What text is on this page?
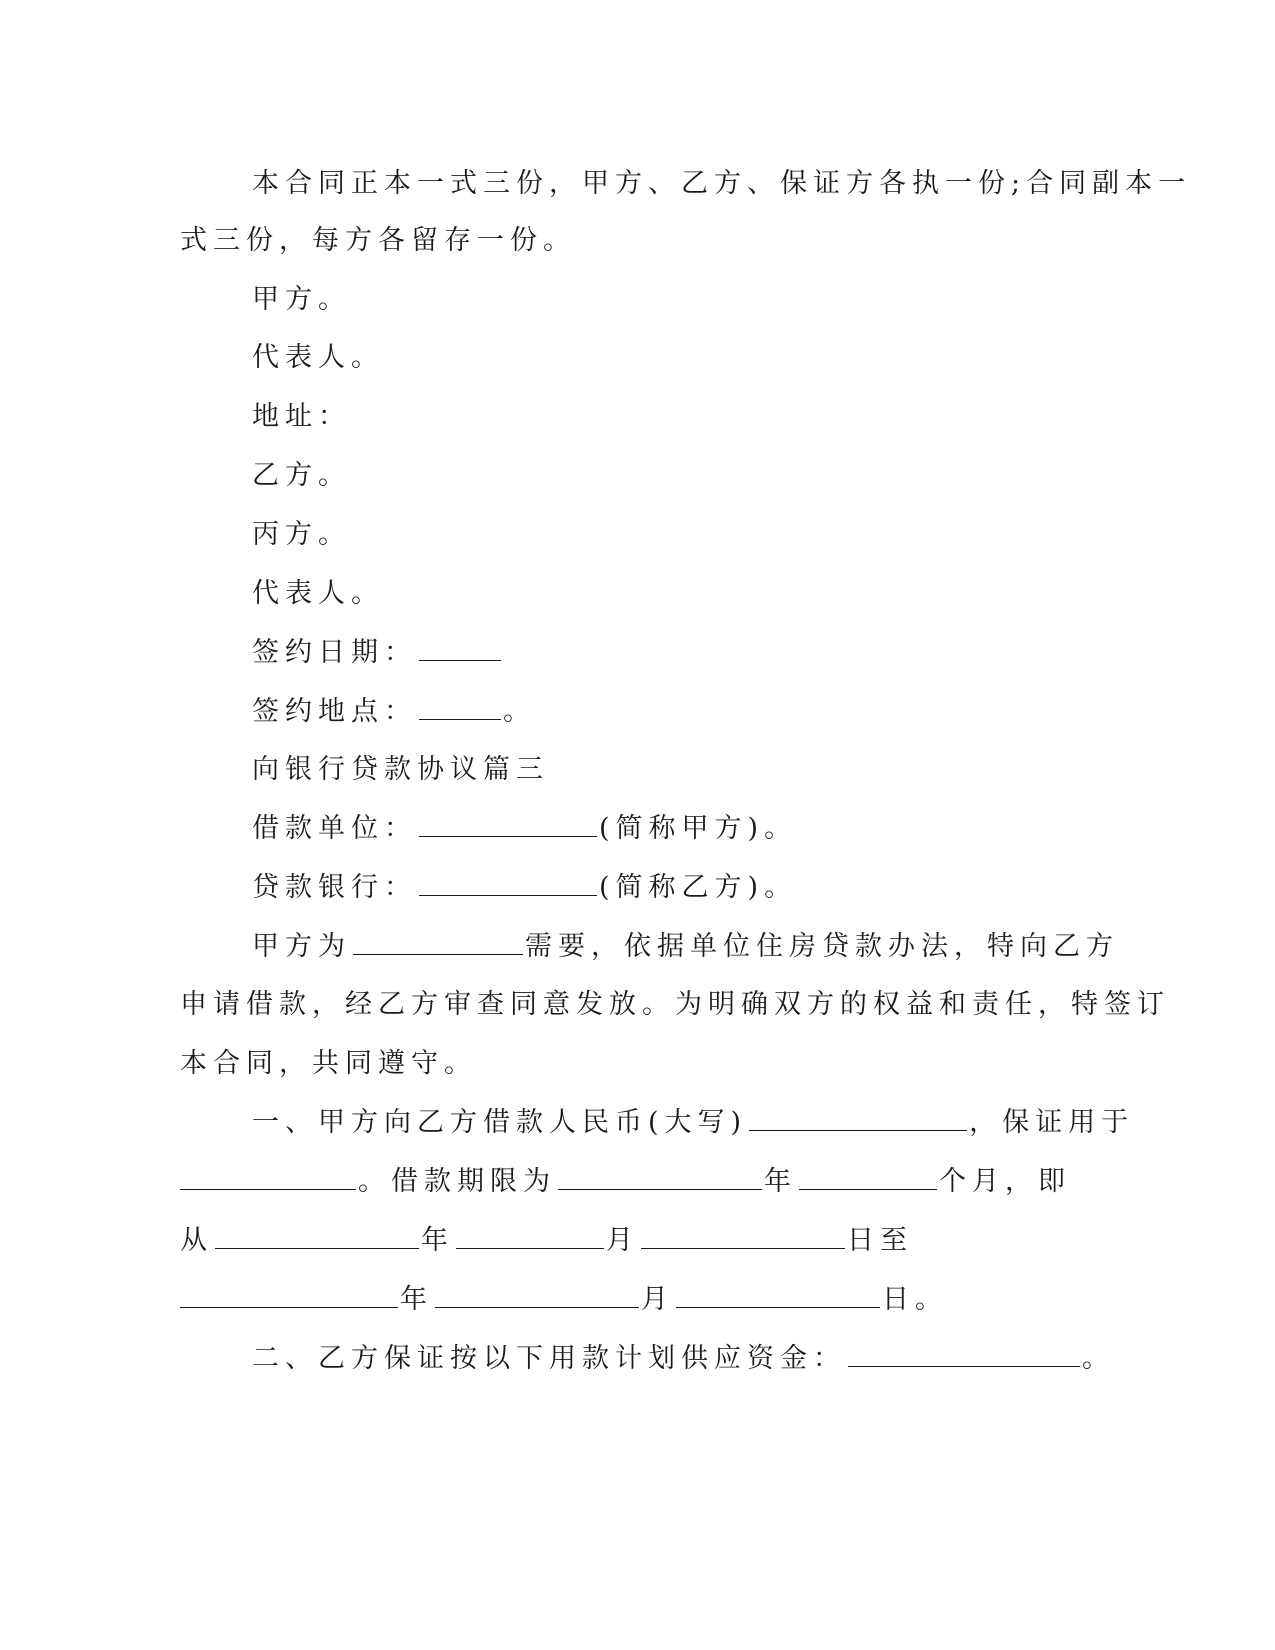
本合同正本一式三份，甲方、乙方、保证方各执一份;合同副本一
式三份，每方各留存一份。
甲方。
代表人。
地址：
乙方。
丙方。
代表人。
签约日期：
签约地点：	。
向银行贷款协议篇三
借款单位：	(简称甲方)。
贷款银行：	(简称乙方)。
甲方为	需要，依据单位住房贷款办法，特向乙方
申请借款，经乙方审查同意发放。为明确双方的权益和责任，特签订
本合同，共同遵守。
一、甲方向乙方借款人民币(大写)	，保证用于
。借款期限为	年	个月，即
从	年	月	日至
年	月	日。
二、乙方保证按以下用款计划供应资金：	。
